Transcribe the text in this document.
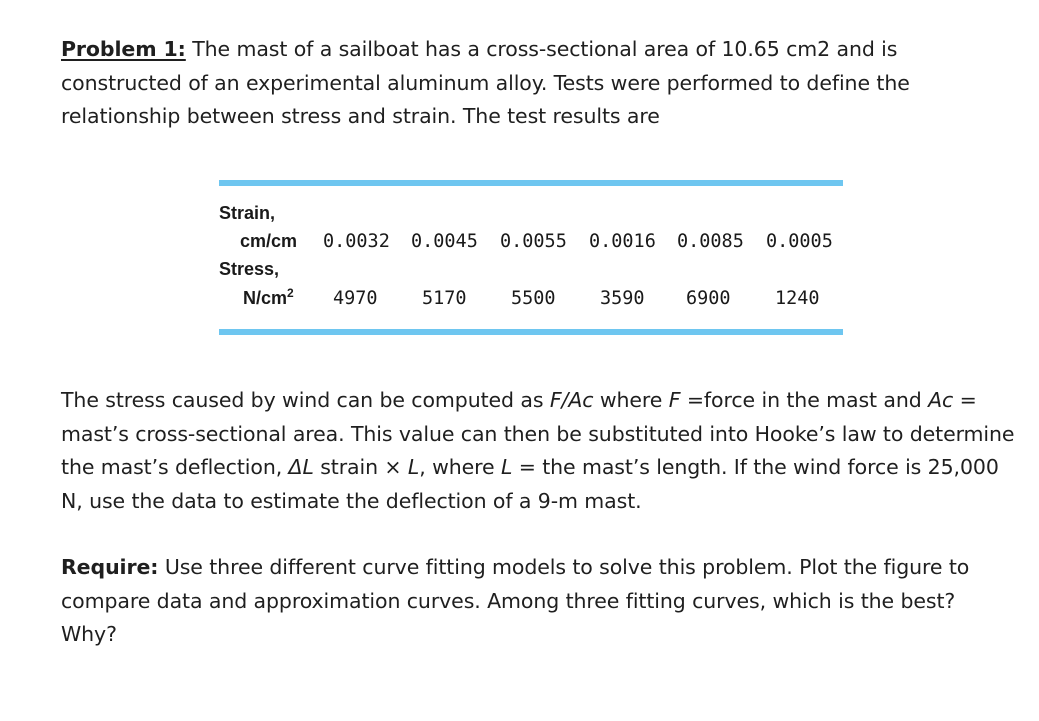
Problem 1: The mast of a sailboat has a cross-sectional area of 10.65 cm2 and is constructed of an experimental aluminum alloy. Tests were performed to define the relationship between stress and strain. The test results are

Strain,
cm/cm 0.0032 0.0045 0.0055 0.0016 0.0085 0.0005
Stress,
$N/cm^2$ 4970 5170 5500 3590 6900 1240

The stress caused by wind can be computed as F/Ac where F =force in the mast and Ac = mast’s cross-sectional area. This value can then be substituted into Hooke’s law to determine the mast’s deflection, ΔL strain × L, where L = the mast’s length. If the wind force is 25,000 N, use the data to estimate the deflection of a 9-m mast.

Require: Use three different curve fitting models to solve this problem. Plot the figure to compare data and approximation curves. Among three fitting curves, which is the best? Why?
